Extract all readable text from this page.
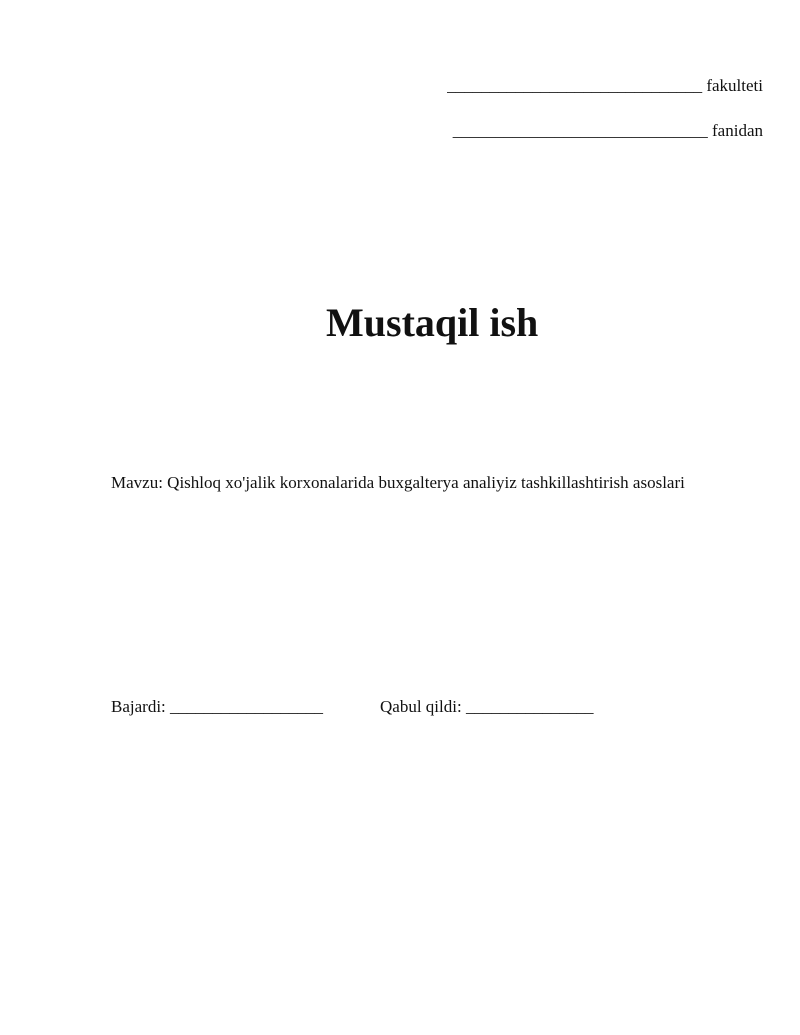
______________________________ fakulteti
______________________________ fanidan
Mustaqil ish
Mavzu: Qishloq xo'jalik korxonalarida buxgalterya analiyiz tashkillashtirish asoslari
Bajardi: __________________	Qabul qildi: _______________
